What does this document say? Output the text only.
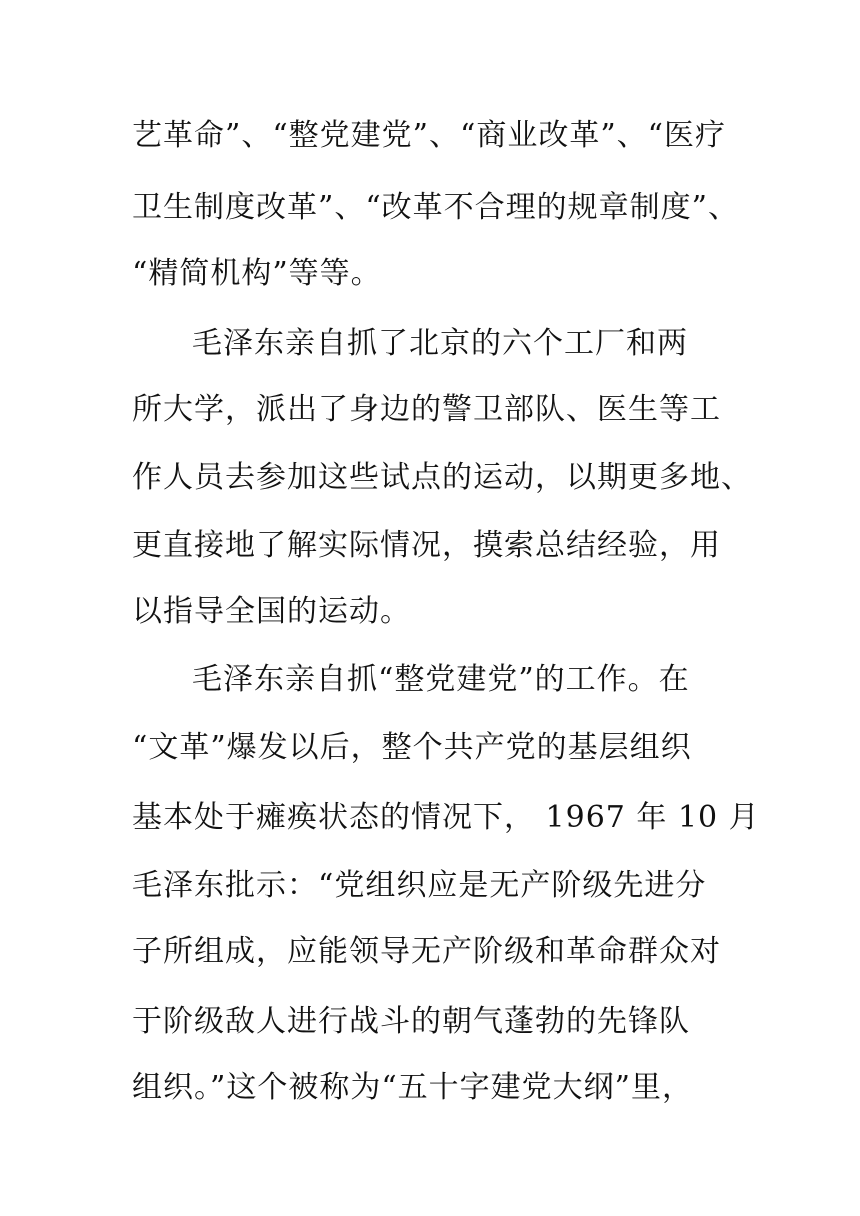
艺革命”、“整党建党”、“商业改革”、“医疗
卫生制度改革”、“改革不合理的规章制度”、
“精简机构”等等。
毛泽东亲自抓了北京的六个工厂和两
所大学，派出了身边的警卫部队、医生等工
作人员去参加这些试点的运动，以期更多地、
更直接地了解实际情况，摸索总结经验，用
以指导全国的运动。
毛泽东亲自抓“整党建党”的工作。在
“文革”爆发以后，整个共产党的基层组织
基本处于瘫痪状态的情况下， 1967 年 10 月
毛泽东批示：“党组织应是无产阶级先进分
子所组成，应能领导无产阶级和革命群众对
于阶级敌人进行战斗的朝气蓬勃的先锋队
组织。”这个被称为“五十字建党大纲”里，
